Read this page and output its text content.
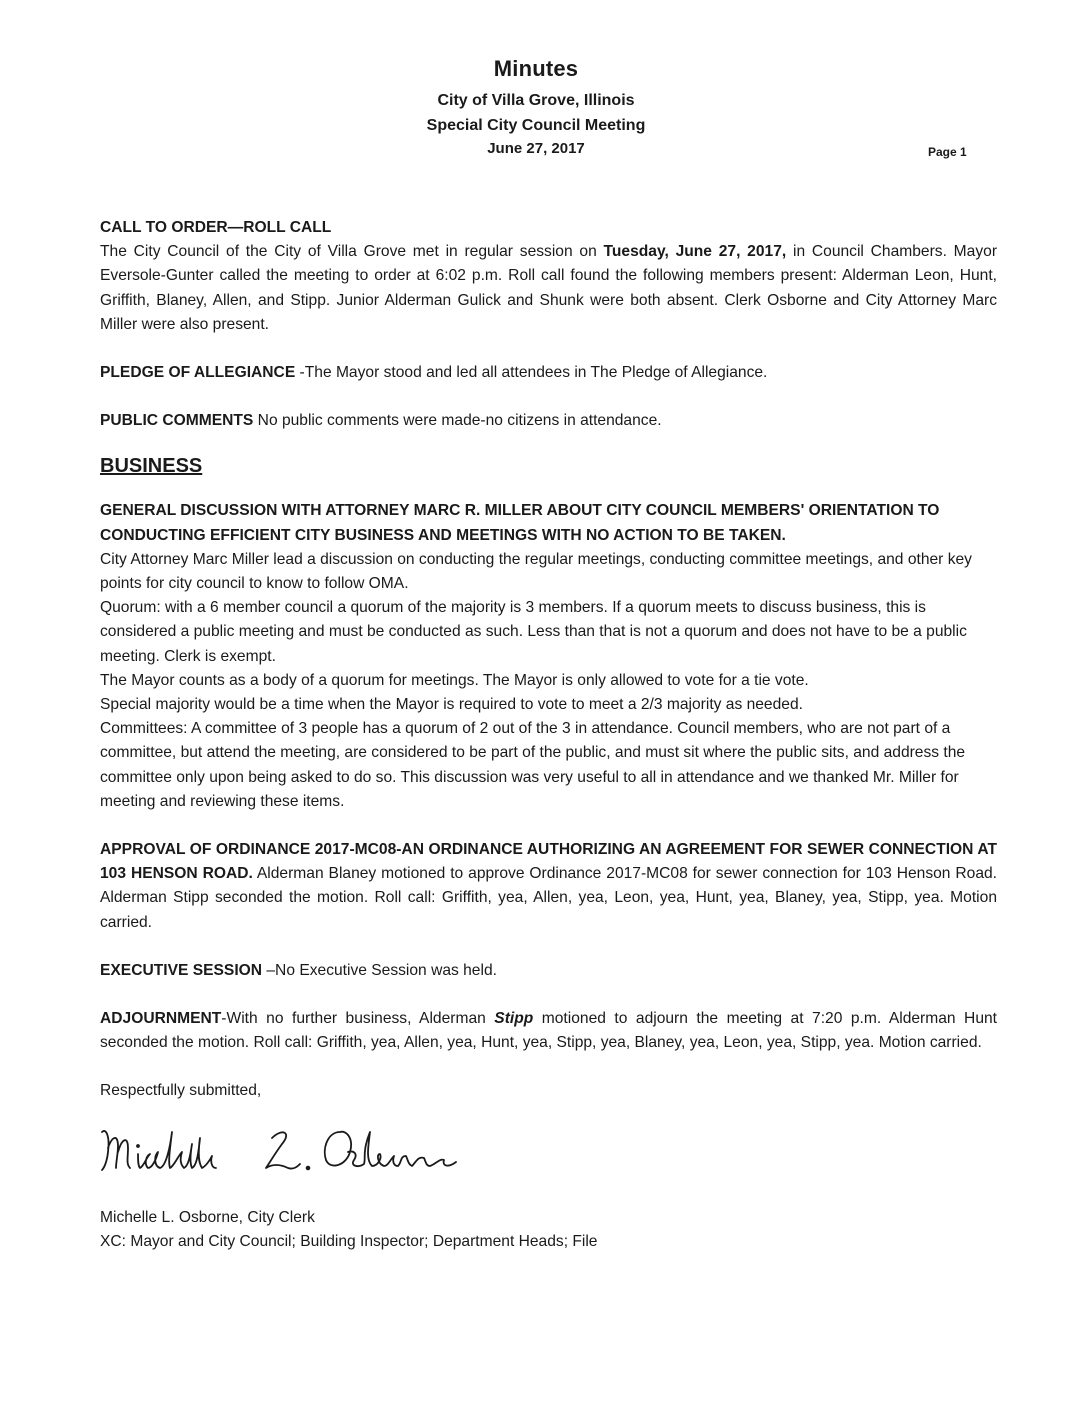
Minutes

City of Villa Grove, Illinois

Special City Council Meeting

June 27, 2017	Page 1

CALL TO ORDER—ROLL CALL

The City Council of the City of Villa Grove met in regular session on Tuesday, June 27, 2017, in Council Chambers. Mayor Eversole-Gunter called the meeting to order at 6:02 p.m. Roll call found the following members present: Alderman Leon, Hunt, Griffith, Blaney, Allen, and Stipp. Junior Alderman Gulick and Shunk were both absent. Clerk Osborne and City Attorney Marc Miller were also present.

PLEDGE OF ALLEGIANCE -The Mayor stood and led all attendees in The Pledge of Allegiance.

PUBLIC COMMENTS No public comments were made-no citizens in attendance.

BUSINESS

GENERAL DISCUSSION WITH ATTORNEY MARC R. MILLER ABOUT CITY COUNCIL MEMBERS' ORIENTATION TO CONDUCTING EFFICIENT CITY BUSINESS AND MEETINGS WITH NO ACTION TO BE TAKEN.

City Attorney Marc Miller lead a discussion on conducting the regular meetings, conducting committee meetings, and other key points for city council to know to follow OMA.

Quorum: with a 6 member council a quorum of the majority is 3 members. If a quorum meets to discuss business, this is considered a public meeting and must be conducted as such. Less than that is not a quorum and does not have to be a public meeting. Clerk is exempt.

The Mayor counts as a body of a quorum for meetings. The Mayor is only allowed to vote for a tie vote.

Special majority would be a time when the Mayor is required to vote to meet a 2/3 majority as needed.

Committees: A committee of 3 people has a quorum of 2 out of the 3 in attendance. Council members, who are not part of a committee, but attend the meeting, are considered to be part of the public, and must sit where the public sits, and address the committee only upon being asked to do so. This discussion was very useful to all in attendance and we thanked Mr. Miller for meeting and reviewing these items.

APPROVAL OF ORDINANCE 2017-MC08-AN ORDINANCE AUTHORIZING AN AGREEMENT FOR SEWER CONNECTION AT 103 HENSON ROAD. Alderman Blaney motioned to approve Ordinance 2017-MC08 for sewer connection for 103 Henson Road. Alderman Stipp seconded the motion. Roll call: Griffith, yea, Allen, yea, Leon, yea, Hunt, yea, Blaney, yea, Stipp, yea. Motion carried.

EXECUTIVE SESSION –No Executive Session was held.

ADJOURNMENT-With no further business, Alderman Stipp motioned to adjourn the meeting at 7:20 p.m. Alderman Hunt seconded the motion. Roll call: Griffith, yea, Allen, yea, Hunt, yea, Stipp, yea, Blaney, yea, Leon, yea, Stipp, yea. Motion carried.

Respectfully submitted,

Michelle L. Osborne, City Clerk

XC: Mayor and City Council; Building Inspector; Department Heads; File
